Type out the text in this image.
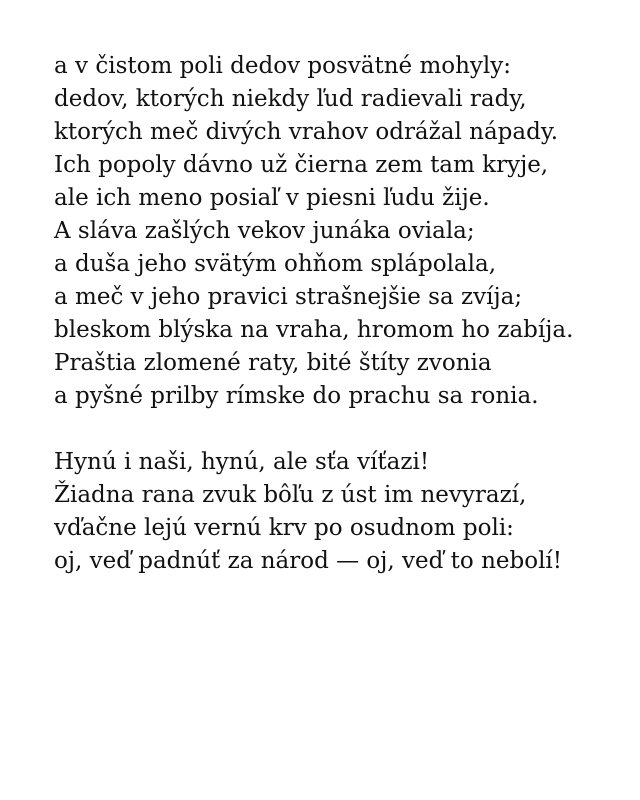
a v čistom poli dedov posvätné mohyly:
dedov, ktorých niekdy ľud radievali rady,
ktorých meč divých vrahov odrážal nápady.
Ich popoly dávno už čierna zem tam kryje,
ale ich meno posiaľ v piesni ľudu žije.
A sláva zašlých vekov junáka oviala;
a duša jeho svätým ohňom splápolala,
a meč v jeho pravici strašnejšie sa zvíja;
bleskom blýska na vraha, hromom ho zabíja.
Praštia zlomené raty, bité štíty zvonia
a pyšné prilby rímske do prachu sa ronia.
Hynú i naši, hynú, ale sťa víťazi!
Žiadna rana zvuk bôľu z úst im nevyrazí,
vďačne lejú vernú krv po osudnom poli:
oj, veď padnúť za národ — oj, veď to nebolí!
